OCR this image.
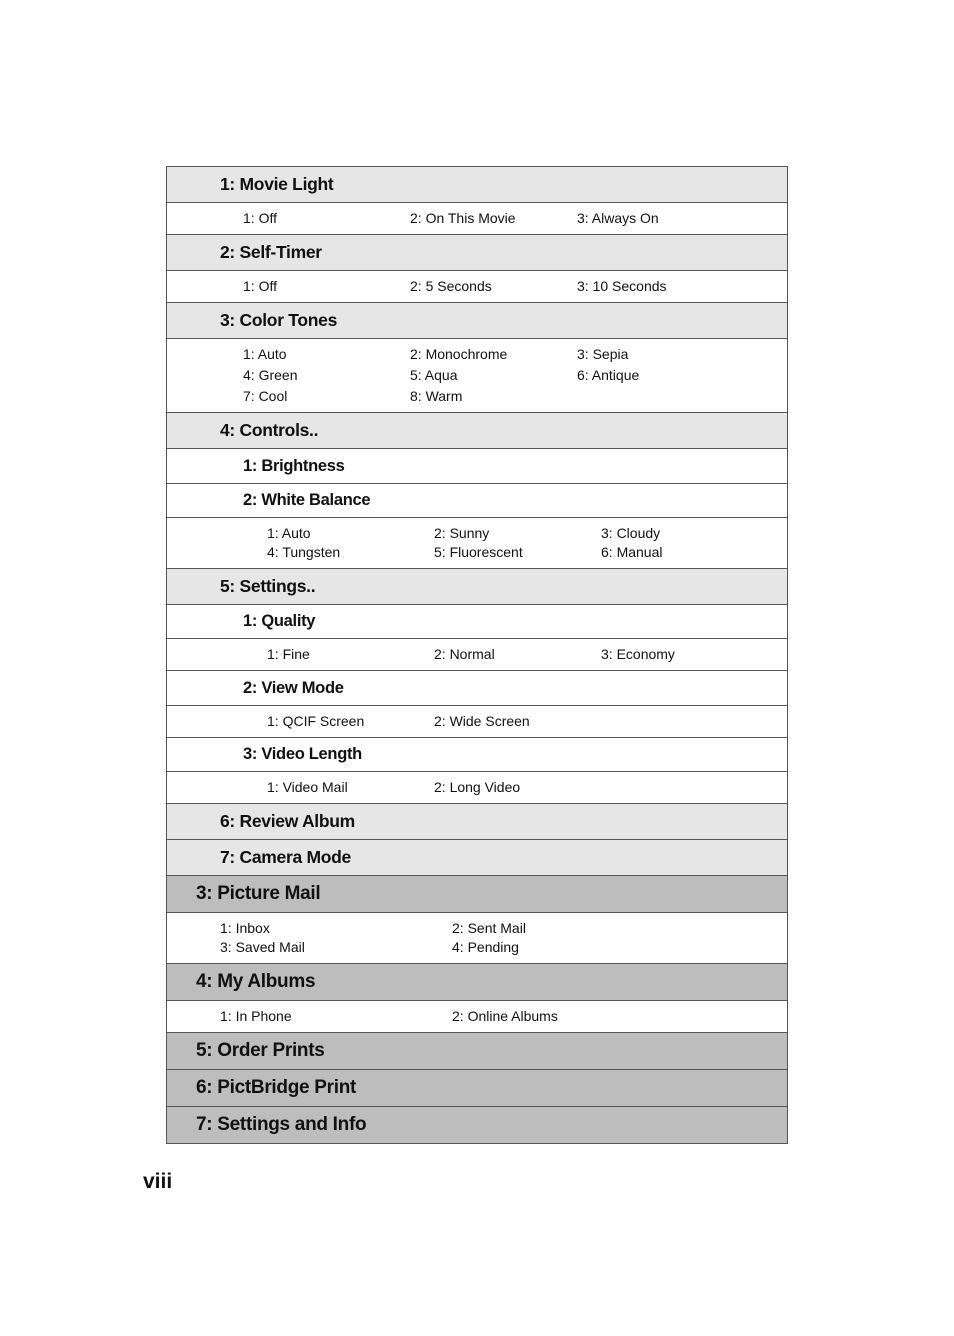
1: Movie Light
1: Off	2: On This Movie	3: Always On
2: Self-Timer
1: Off	2: 5 Seconds	3: 10 Seconds
3: Color Tones
1: Auto	2: Monochrome	3: Sepia
4: Green	5: Aqua	6: Antique
7: Cool	8: Warm
4: Controls..
1: Brightness
2: White Balance
1: Auto	2: Sunny	3: Cloudy
4: Tungsten	5: Fluorescent	6: Manual
5: Settings..
1: Quality
1: Fine	2: Normal	3: Economy
2: View Mode
1: QCIF Screen	2: Wide Screen
3: Video Length
1: Video Mail	2: Long Video
6: Review Album
7: Camera Mode
3: Picture Mail
1: Inbox	2: Sent Mail
3: Saved Mail	4: Pending
4: My Albums
1: In Phone	2: Online Albums
5: Order Prints
6: PictBridge Print
7: Settings and Info
viii
